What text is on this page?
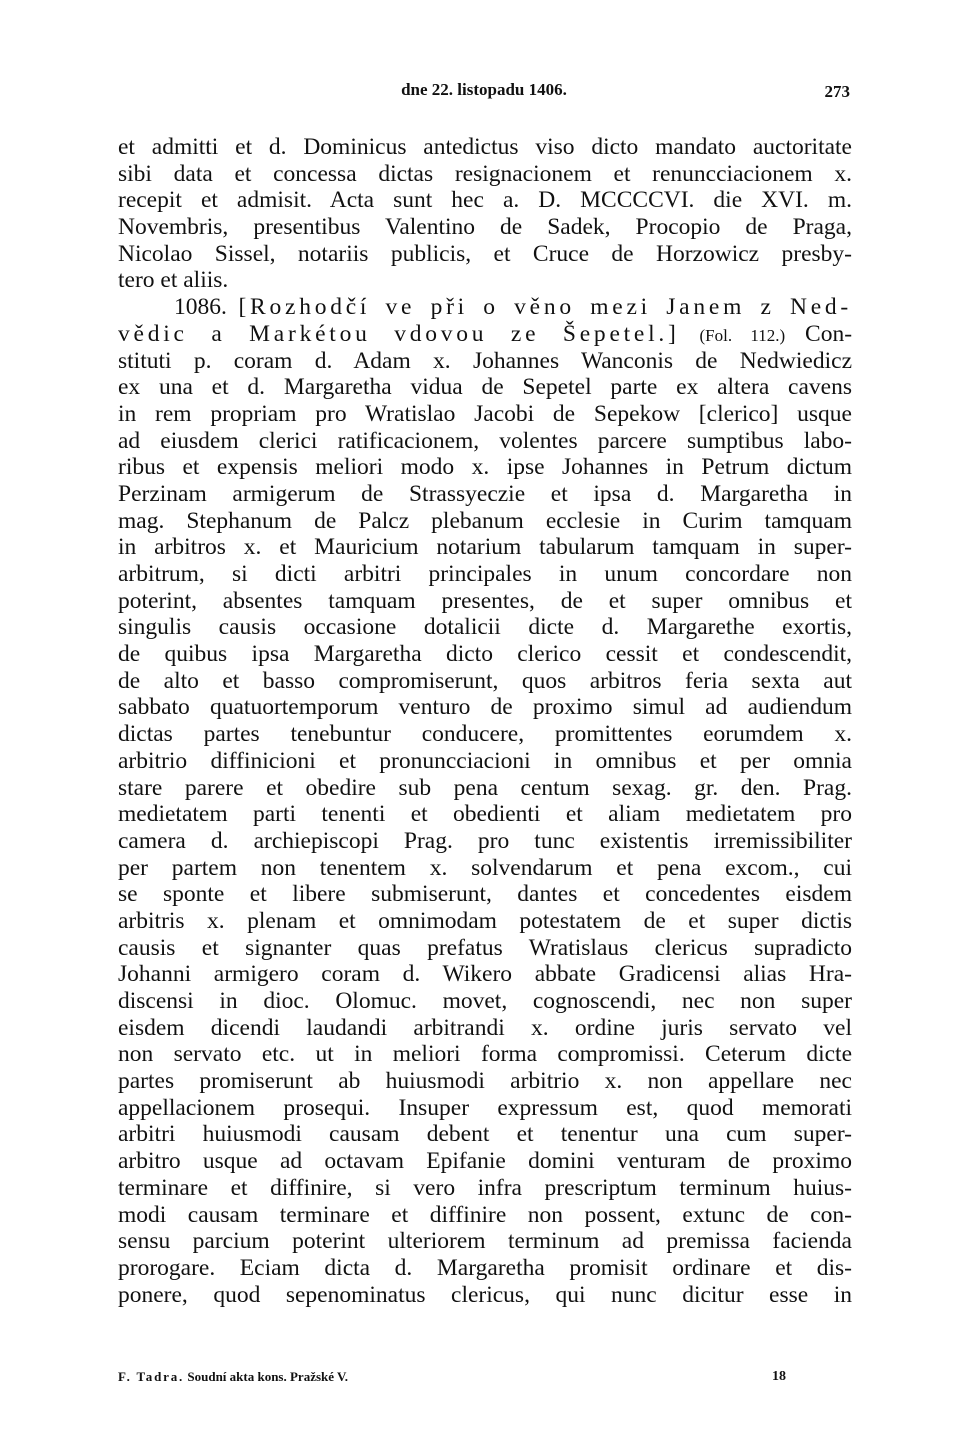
dne 22. listopadu 1406.	273
et admitti et d. Dominicus antedictus viso dicto mandato auctoritate
sibi data et concessa dictas resignacionem et renuncciacionem x.
recepit et admisit. Acta sunt hec a. D. MCCCCVI. die XVI. m.
Novembris, presentibus Valentino de Sadek, Procopio de Praga,
Nicolao Sissel, notariis publicis, et Cruce de Horzowicz presby-
tero et aliis.
1086. [Rozhodčí ve při o věno mezi Janem z Ned-
vědic a Markétou vdovou ze Šepetel.] (Fol. 112.) Con-
stituti p. coram d. Adam x. Johannes Wanconis de Nedwiedicz
ex una et d. Margaretha vidua de Sepetel parte ex altera cavens
in rem propriam pro Wratislao Jacobi de Sepekow [clerico] usque
ad eiusdem clerici ratificacionem, volentes parcere sumptibus labo-
ribus et expensis meliori modo x. ipse Johannes in Petrum dictum
Perzinam armigerum de Strassyeczie et ipsa d. Margaretha in
mag. Stephanum de Palcz plebanum ecclesie in Curim tamquam
in arbitros x. et Mauricium notarium tabularum tamquam in super-
arbitrum, si dicti arbitri principales in unum concordare non
poterint, absentes tamquam presentes, de et super omnibus et
singulis causis occasione dotalicii dicte d. Margarethe exortis,
de quibus ipsa Margaretha dicto clerico cessit et condescendit,
de alto et basso compromiserunt, quos arbitros feria sexta aut
sabbato quatuortemporum venturo de proximo simul ad audiendum
dictas partes tenebuntur conducere, promittentes eorumdem x.
arbitrio diffinicioni et pronuncciacioni in omnibus et per omnia
stare parere et obedire sub pena centum sexag. gr. den. Prag.
medietatem parti tenenti et obedienti et aliam medietatem pro
camera d. archiepiscopi Prag. pro tunc existentis irremissibiliter
per partem non tenentem x. solvendarum et pena excom., cui
se sponte et libere submiserunt, dantes et concedentes eisdem
arbitris x. plenam et omnimodam potestatem de et super dictis
causis et signanter quas prefatus Wratislaus clericus supradicto
Johanni armigero coram d. Wikero abbate Gradicensi alias Hra-
discensi in dioc. Olomuc. movet, cognoscendi, nec non super
eisdem dicendi laudandi arbitrandi x. ordine juris servato vel
non servato etc. ut in meliori forma compromissi. Ceterum dicte
partes promiserunt ab huiusmodi arbitrio x. non appellare nec
appellacionem prosequi. Insuper expressum est, quod memorati
arbitri huiusmodi causam debent et tenentur una cum super-
arbitro usque ad octavam Epifanie domini venturam de proximo
terminare et diffinire, si vero infra prescriptum terminum huius-
modi causam terminare et diffinire non possent, extunc de con-
sensu parcium poterint ulteriorem terminum ad premissa facienda
prorogare. Eciam dicta d. Margaretha promisit ordinare et dis-
ponere, quod sepenominatus clericus, qui nunc dicitur esse in
F. Tadra. Soudní akta kons. Pražské V.	18
